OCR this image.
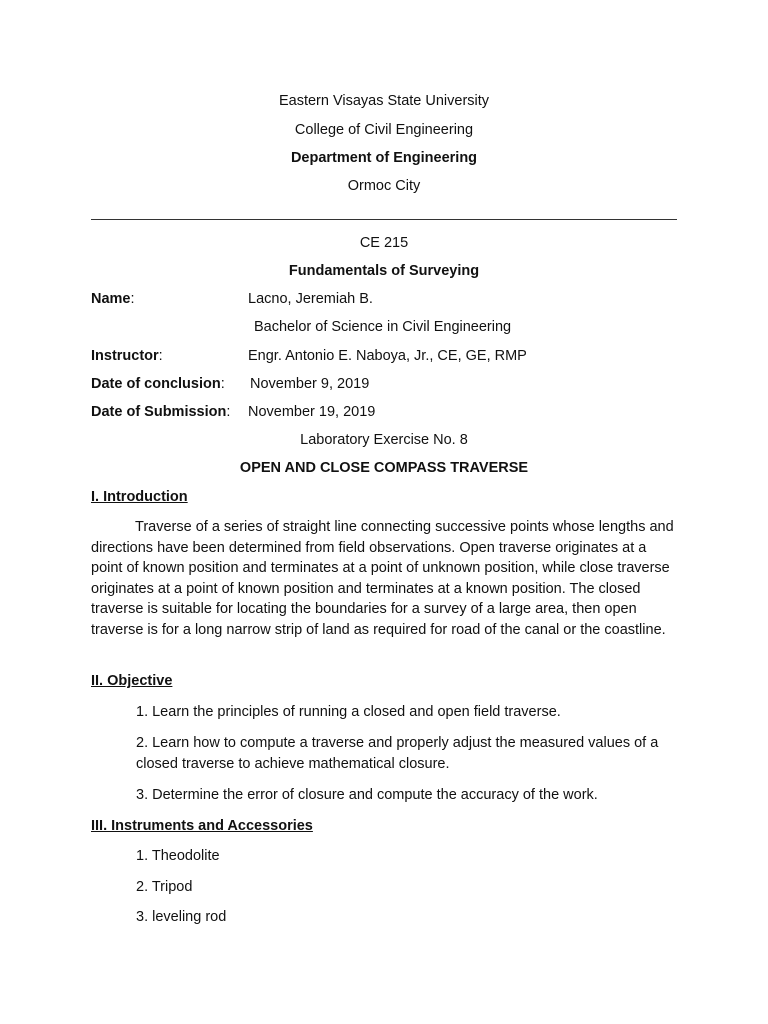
Eastern Visayas State University
College of Civil Engineering
Department of Engineering
Ormoc City
CE 215
Fundamentals of Surveying
Name:	Lacno, Jeremiah B.
Bachelor of Science in Civil Engineering
Instructor:	Engr. Antonio E. Naboya, Jr., CE, GE, RMP
Date of conclusion: November 9, 2019
Date of Submission: November 19, 2019
Laboratory Exercise No. 8
OPEN AND CLOSE COMPASS TRAVERSE
I. Introduction
Traverse of a series of straight line connecting successive points whose lengths and directions have been determined from field observations. Open traverse originates at a point of known position and terminates at a point of unknown position, while close traverse originates at a point of known position and terminates at a known position. The closed traverse is suitable for locating the boundaries for a survey of a large area, then open traverse is for a long narrow strip of land as required for road of the canal or the coastline.
II. Objective
1. Learn the principles of running a closed and open field traverse.
2. Learn how to compute a traverse and properly adjust the measured values of a closed traverse to achieve mathematical closure.
3. Determine the error of closure and compute the accuracy of the work.
III. Instruments and Accessories
1. Theodolite
2. Tripod
3. leveling rod
